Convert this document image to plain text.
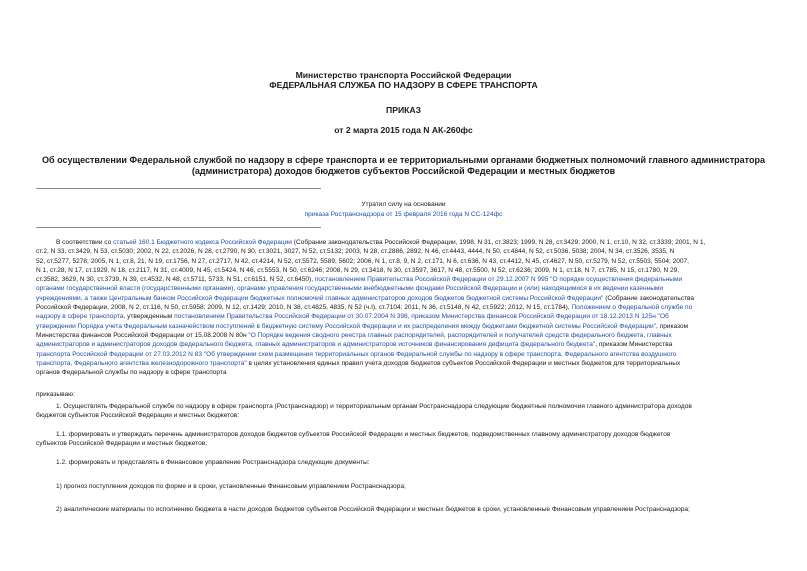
Министерство транспорта Российской Федерации
ФЕДЕРАЛЬНАЯ СЛУЖБА ПО НАДЗОРУ В СФЕРЕ ТРАНСПОРТА
ПРИКАЗ
от 2 марта 2015 года N АК-260фс
Об осуществлении Федеральной службой по надзору в сфере транспорта и ее территориальными органами бюджетных полномочий главного администратора
(администратора) доходов бюджетов субъектов Российской Федерации и местных бюджетов
Утратил силу на основании
приказа Ространснадзора от 15 февраля 2016 года N СС-124фс
В соответствии со статьей 160.1 Бюджетного кодекса Российской Федерации (Собрание законодательства Российской Федерации, 1998, N 31, ст.3823; 1999, N 28, ст.3429; 2000, N 1, ст.10, N 32, ст.3339; 2001, N 1,
ст.2, N 33, ст.3429, N 53, ст.5030; 2002, N 22, ст.2026, N 28, ст.2790, N 30, ст.3021, 3027, N 52, ст.5132; 2003, N 28, ст.2886, 2892, N 46, ст.4443, 4444, N 50, ст.4844, N 52, ст.5036, 5038; 2004, N 34, ст.3526, 3535, N
52, ст.5277, 5278; 2005, N 1, ст.8, 21, N 19, ст.1756, N 27, ст.2717, N 42, ст.4214, N 52, ст.5572, 5589, 5602; 2006, N 1, ст.8, 9, N 2, ст.171, N 6, ст.636, N 43, ст.4412, N 45, ст.4627, N 50, ст.5279, N 52, ст.5503, 5504; 2007,
N 1, ст.28, N 17, ст.1929, N 18, ст.2117, N 31, ст.4009, N 45, ст.5424, N 46, ст.5553, N 50, ст.6246; 2008, N 29, ст.3418, N 30, ст.3597, 3617, N 48, ст.5500, N 52, ст.6236; 2009, N 1, ст.18, N 7, ст.785, N 15, ст.1780, N 29,
ст.3582, 3629, N 30, ст.3739, N 39, ст.4532, N 48, ст.5711, 5733, N 51, ст.6151, N 52, ст.6450), постановлением Правительства Российской Федерации от 29.12.2007 N 995 "О порядке осуществления федеральными
органами государственной власти (государственными органами), органами управления государственными внебюджетными фондами Российской Федерации и (или) находящимися в их ведении казенными
учреждениями, а также Центральным банком Российской Федерации бюджетных полномочий главных администраторов доходов бюджетов бюджетной системы Российской Федерации" (Собрание законодательства
Российской Федерации, 2008, N 2, ст.116, N 50, ст.5958; 2009, N 12, ст.1429; 2010, N 38, ст.4825, 4835, N 52 (ч.I), ст.7104; 2011, N 36, ст.5148, N 42, ст.5922; 2012, N 15, ст.1784), Положением о Федеральной службе по
надзору в сфере транспорта, утвержденным постановлением Правительства Российской Федерации от 30.07.2004 N 398, приказом Министерства финансов Российской Федерации от 18.12.2013 N 125н "Об
утверждении Порядка учета Федеральным казначейством поступлений в бюджетную систему Российской Федерации и их распределения между бюджетами бюджетной системы Российской Федерации", приказом
Министерства финансов Российской Федерации от 15.08.2008 N 80н "О Порядке ведения сводного реестра главных распорядителей, распорядителей и получателей средств федерального бюджета, главных
администраторов и администраторов доходов федерального бюджета, главных администраторов и администраторов источников финансирования дефицита федерального бюджета", приказом Министерства
транспорта Российской Федерации от 27.03.2012 N 83 "Об утверждении схем размещения территориальных органов Федеральной службы по надзору в сфере транспорта, Федерального агентства воздушного
транспорта, Федерального агентства железнодорожного транспорта" в целях установления единых правил учета доходов бюджетов субъектов Российской Федерации и местных бюджетов для территориальных
органов Федеральной службы по надзору в сфере транспорта
приказываю:
1. Осуществлять Федеральной службе по надзору в сфере транспорта (Ространснадзор) и территориальным органам Ространснадзора следующие бюджетные полномочия главного администратора доходов
бюджетов субъектов Российской Федерации и местных бюджетов:
1.1. формировать и утверждать перечень администраторов доходов бюджетов субъектов Российской Федерации и местных бюджетов, подведомственных главному администратору доходов бюджетов
субъектов Российской Федерации и местных бюджетов;
1.2. формировать и представлять в Финансовое управление Ространснадзора следующие документы:
1) прогноз поступления доходов по форме и в сроки, установленные Финансовым управлением Ространснадзора;
2) аналитические материалы по исполнению бюджета в части доходов бюджетов субъектов Российской Федерации и местных бюджетов в сроки, установленные Финансовым управлением Ространснадзора;
